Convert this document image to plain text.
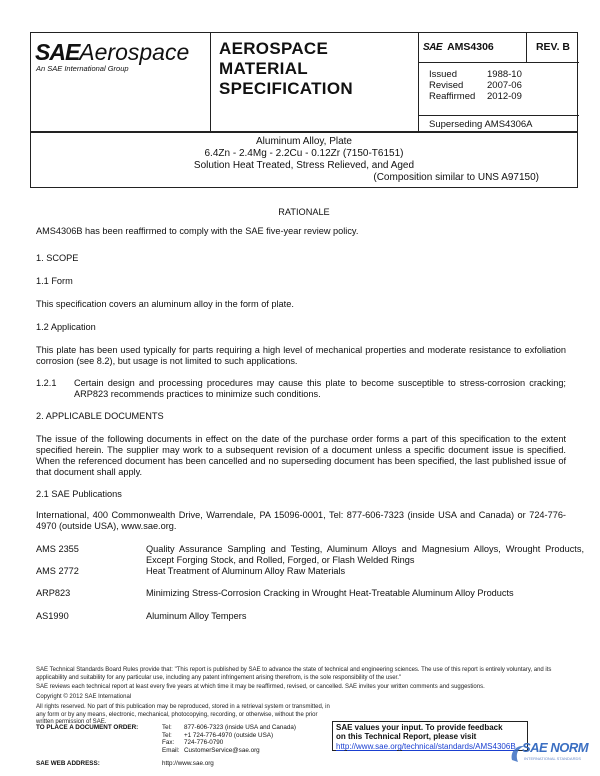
SAEAerospace
An SAE International Group
AEROSPACE
MATERIAL
SPECIFICATION
SAE AMS4306	REV. B
Issued	1988-10
Revised 2007-06
Reaffirmed 2012-09
Superseding AMS4306A
Aluminum Alloy, Plate
6.4Zn - 2.4Mg - 2.2Cu - 0.12Zr (7150-T6151)
Solution Heat Treated, Stress Relieved, and Aged
(Composition similar to UNS A97150)
RATIONALE
AMS4306B has been reaffirmed to comply with the SAE five-year review policy.
1. SCOPE
1.1 Form
This specification covers an aluminum alloy in the form of plate.
1.2 Application
This plate has been used typically for parts requiring a high level of mechanical properties and moderate resistance to exfoliation corrosion (see 8.2), but usage is not limited to such applications.
1.2.1 Certain design and processing procedures may cause this plate to become susceptible to stress-corrosion cracking; ARP823 recommends practices to minimize such conditions.
2. APPLICABLE DOCUMENTS
The issue of the following documents in effect on the date of the purchase order forms a part of this specification to the extent specified herein. The supplier may work to a subsequent revision of a document unless a specific document issue is specified. When the referenced document has been cancelled and no superseding document has been specified, the last published issue of that document shall apply.
2.1 SAE Publications
International, 400 Commonwealth Drive, Warrendale, PA 15096-0001, Tel: 877-606-7323 (inside USA and Canada) or 724-776-4970 (outside USA), www.sae.org.
AMS 2355	Quality Assurance Sampling and Testing, Aluminum Alloys and Magnesium Alloys, Wrought Products, Except Forging Stock, and Rolled, Forged, or Flash Welded Rings
AMS 2772	Heat Treatment of Aluminum Alloy Raw Materials
ARP823	Minimizing Stress-Corrosion Cracking in Wrought Heat-Treatable Aluminum Alloy Products
AS1990	Aluminum Alloy Tempers
SAE Technical Standards Board Rules provide that: "This report is published by SAE to advance the state of technical and engineering sciences. The use of this report is entirely voluntary, and its applicability and suitability for any particular use, including any patent infringement arising therefrom, is the sole responsibility of the user."
SAE reviews each technical report at least every five years at which time it may be reaffirmed, revised, or cancelled. SAE invites your written comments and suggestions.
Copyright © 2012 SAE International
All rights reserved. No part of this publication may be reproduced, stored in a retrieval system or transmitted, in any form or by any means, electronic, mechanical, photocopying, recording, or otherwise, without the prior written permission of SAE.
TO PLACE A DOCUMENT ORDER:	Tel: 877-606-7323 (inside USA and Canada)
Tel: +1 724-776-4970 (outside USA)
Fax: 724-776-0790
Email: CustomerService@sae.org
SAE WEB ADDRESS:	http://www.sae.org
SAE values your input. To provide feedback
on this Technical Report, please visit
http://www.sae.org/technical/standards/AMS4306B SAE NORM
INTERNATIONAL STANDARDS
